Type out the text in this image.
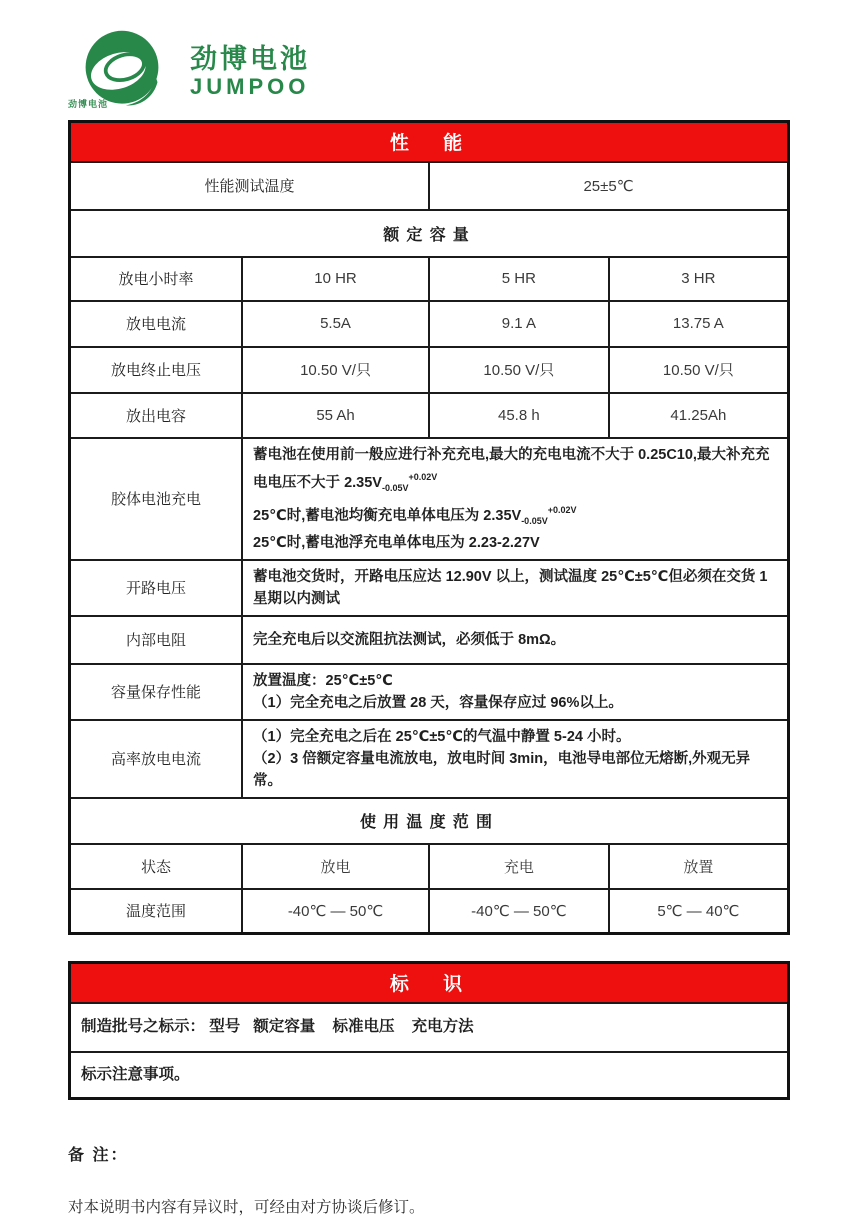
劲博电池
劲博电池
JUMPOO
性能			
性能测试温度		25±5℃	
额定容量			
放电小时率	10 HR	5 HR	3 HR
放电电流	5.5A	9.1 A	13.75 A
放电终止电压	10.50 V/只	10.50 V/只	10.50 V/只
放出电容	55 Ah	45.8 h	41.25Ah
胶体电池充电	蓄电池在使用前一般应进行补充充电,最大的充电电流不大于 0.25C10,最大补充充电电压不大于 $2.35V_{-0.05V}^{+0.02V}$

25℃时,蓄电池均衡充电单体电压为 $2.35V_{-0.05V}^{+0.02V}$

25℃时,蓄电池浮充电单体电压为 2.23-2.27V		

开路电压	蓄电池交货时，开路电压应达 12.90V 以上，测试温度 25℃±5℃但必须在交货 1 星期以内测试		
内部电阻	完全充电后以交流阻抗法测试，必须低于 8mΩ。		
容量保存性能	放置温度：25℃±5℃

（1）完全充电之后放置 28 天，容量保存应过 96%以上。		

高率放电电流	（1）完全充电之后在 25℃±5℃的气温中静置 5-24 小时。

（2）3 倍额定容量电流放电，放电时间 3min，电池导电部位无熔断,外观无异常。		

使用温度范围			
状态	放电	充电	放置
温度范围	-40℃ — 50℃	-40℃ — 50℃	5℃ — 40℃
标识
制造批号之标示： 型号   额定容量    标准电压    充电方法
标示注意事项。
备 注：
对本说明书内容有异议时，可经由对方协谈后修订。
